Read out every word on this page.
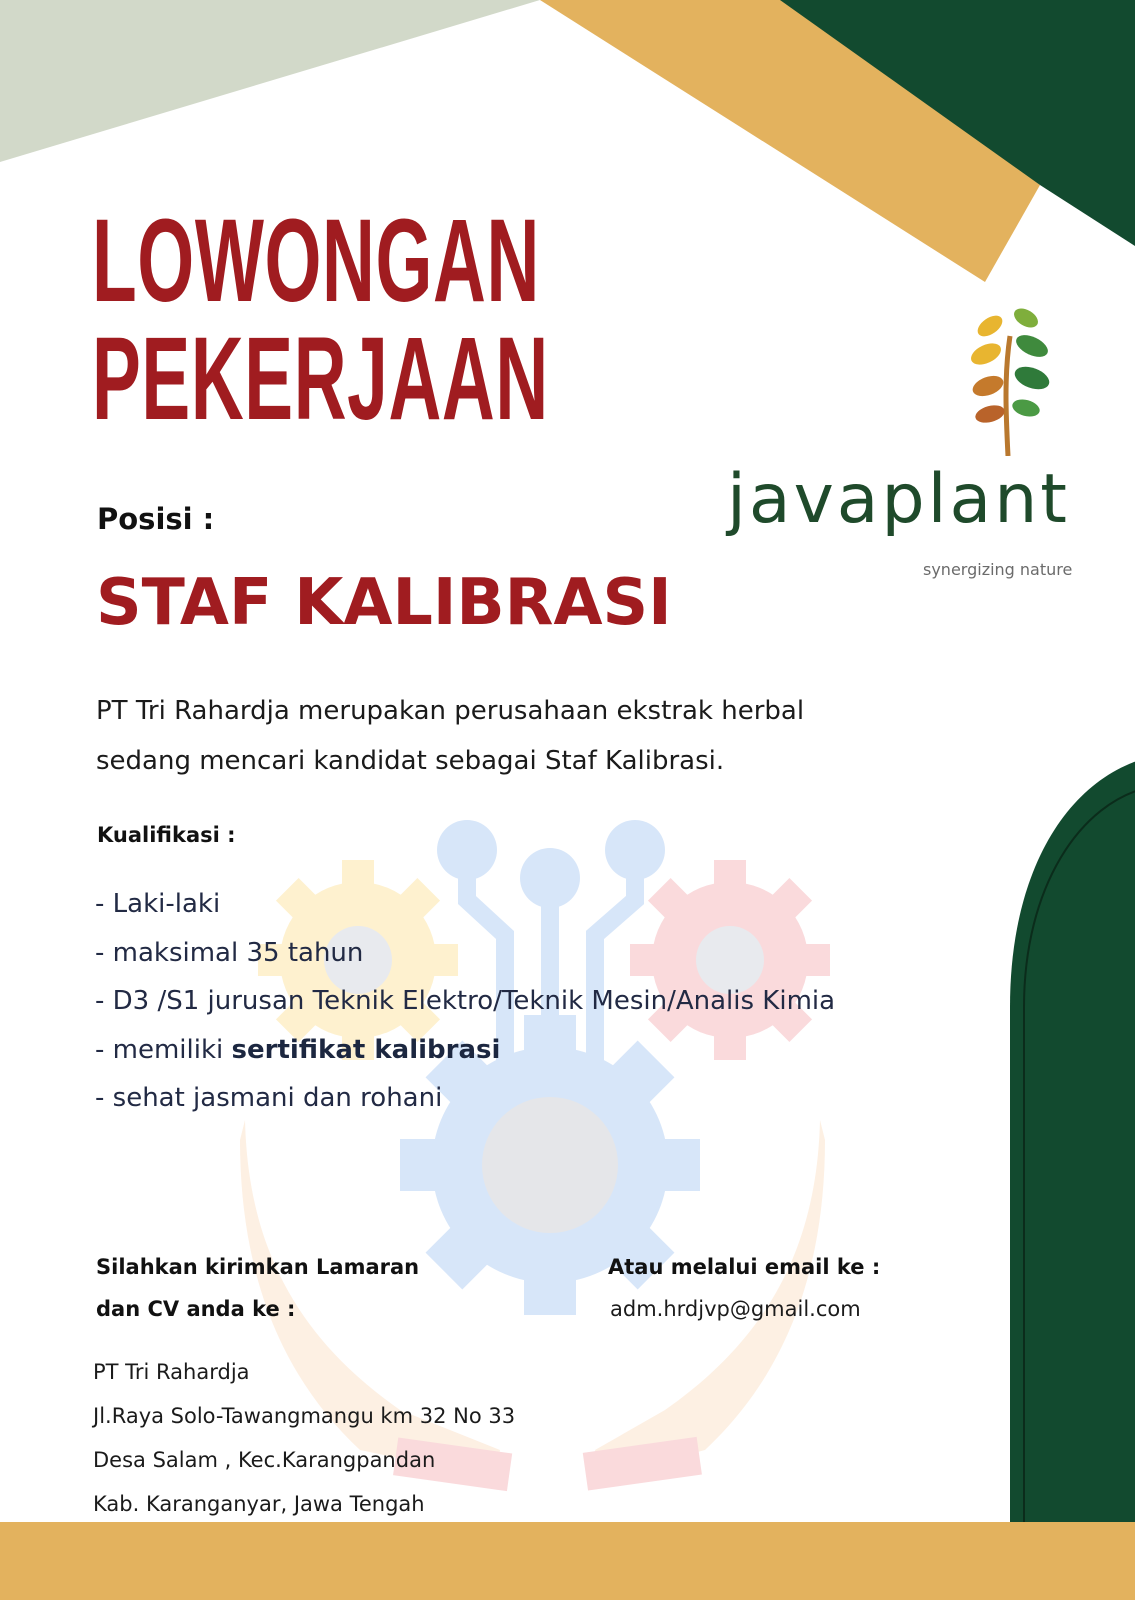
LOWONGAN
PEKERJAAN
javaplant
synergizing nature
Posisi :
STAF KALIBRASI
PT Tri Rahardja merupakan perusahaan ekstrak herbal
sedang mencari kandidat sebagai Staf Kalibrasi.
Kualifikasi :
- Laki-laki
- maksimal 35 tahun
- D3 /S1 jurusan Teknik Elektro/Teknik Mesin/Analis Kimia
- memiliki sertifikat kalibrasi
- sehat jasmani dan rohani
Silahkan kirimkan Lamaran
dan CV anda ke :
PT Tri Rahardja
Jl.Raya Solo-Tawangmangu km 32 No 33
Desa Salam , Kec.Karangpandan
Kab. Karanganyar, Jawa Tengah
Atau melalui email ke :
adm.hrdjvp@gmail.com
